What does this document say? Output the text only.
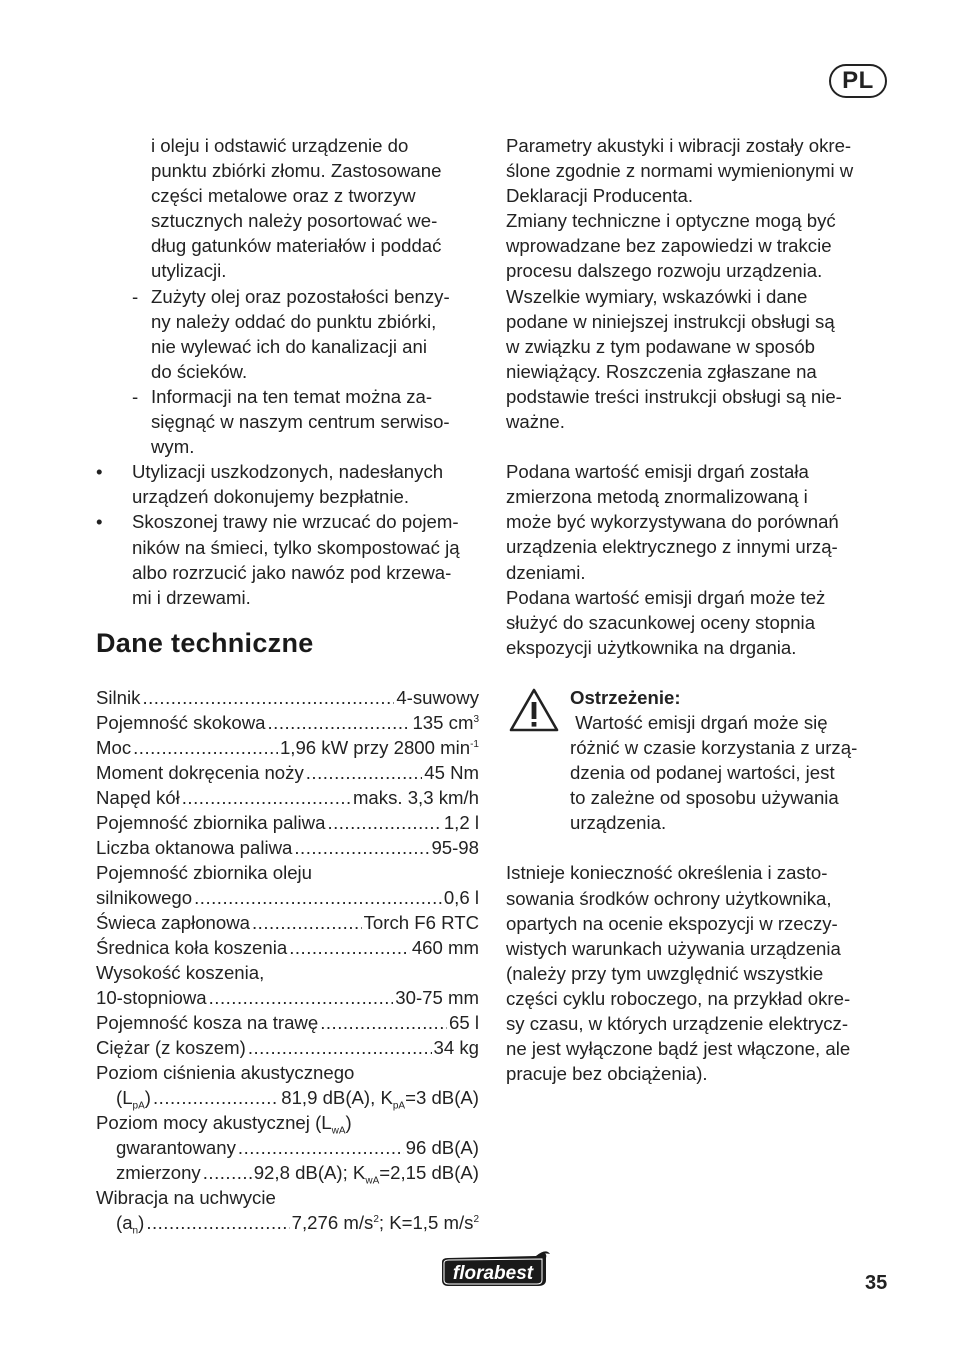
PL
i oleju i odstawić urządzenie do
punktu zbiórki złomu. Zastosowane
części metalowe oraz z tworzyw
sztucznych należy posortować we-
dług gatunków materiałów i poddać
utylizacji.
- Zużyty olej oraz pozostałości benzy-
ny należy oddać do punktu zbiórki,
nie wylewać ich do kanalizacji ani
do ścieków.
- Informacji na ten temat można za-
sięgnąć w naszym centrum serwiso-
wym.
• Utylizacji uszkodzonych, nadesłanych
urządzeń dokonujemy bezpłatnie.
• Skoszonej trawy nie wrzucać do pojem-
ników na śmieci, tylko skompostować ją
albo rozrzucić jako nawóz pod krzewa-
mi i drzewami.
Dane techniczne
Silnik .....	4-suwowy
Pojemność skokowa .....	135 $cm^3$
Moc .....	1,96 kW przy 2800 $\min^{-1}$
Moment dokręcenia noży .....	45 Nm
Napęd kół .....	maks. 3,3 km/h
Pojemność zbiornika paliwa .....	1,2 l
Liczba oktanowa paliwa .....	95-98
Pojemność zbiornika oleju
silnikowego .....	0,6 l
Świeca zapłonowa .....	Torch F6 RTC
Średnica koła koszenia .....	460 mm
Wysokość koszenia,
10-stopniowa .....	30-75 mm
Pojemność kosza na trawę .....	65 l
Ciężar (z koszem) .....	34 kg
Poziom ciśnienia akustycznego
$(L_{pA})$ .....	81,9 dB(A), $K_{pA}=3$ dB(A)
Poziom mocy akustycznej $(L_{wA})$
gwarantowany .....	96 dB(A)
zmierzony .....	92,8 dB(A); $K_{wA}=2,15$ dB(A)
Wibracja na uchwycie
$(a_n)$ .....	7,276 $m/s^2$; K=1,5 $m/s^2$
Parametry akustyki i wibracji zostały okre-
ślone zgodnie z normami wymienionymi w
Deklaracji Producenta.
Zmiany techniczne i optyczne mogą być
wprowadzane bez zapowiedzi w trakcie
procesu dalszego rozwoju urządzenia.
Wszelkie wymiary, wskazówki i dane
podane w niniejszej instrukcji obsługi są
w związku z tym podawane w sposób
niewiążący. Roszczenia zgłaszane na
podstawie treści instrukcji obsługi są nie-
ważne.
Podana wartość emisji drgań została
zmierzona metodą znormalizowaną i
może być wykorzystywana do porównań
urządzenia elektrycznego z innymi urzą-
dzeniami.
Podana wartość emisji drgań może też
służyć do szacunkowej oceny stopnia
ekspozycji użytkownika na drgania.
Ostrzeżenie:
Wartość emisji drgań może się
różnić w czasie korzystania z urzą-
dzenia od podanej wartości, jest
to zależne od sposobu używania
urządzenia.
Istnieje konieczność określenia i zasto-
sowania środków ochrony użytkownika,
opartych na ocenie ekspozycji w rzeczy-
wistych warunkach używania urządzenia
(należy przy tym uwzględnić wszystkie
części cyklu roboczego, na przykład okre-
sy czasu, w których urządzenie elektrycz-
ne jest wyłączone bądź jest włączone, ale
pracuje bez obciążenia).
florabest	35
